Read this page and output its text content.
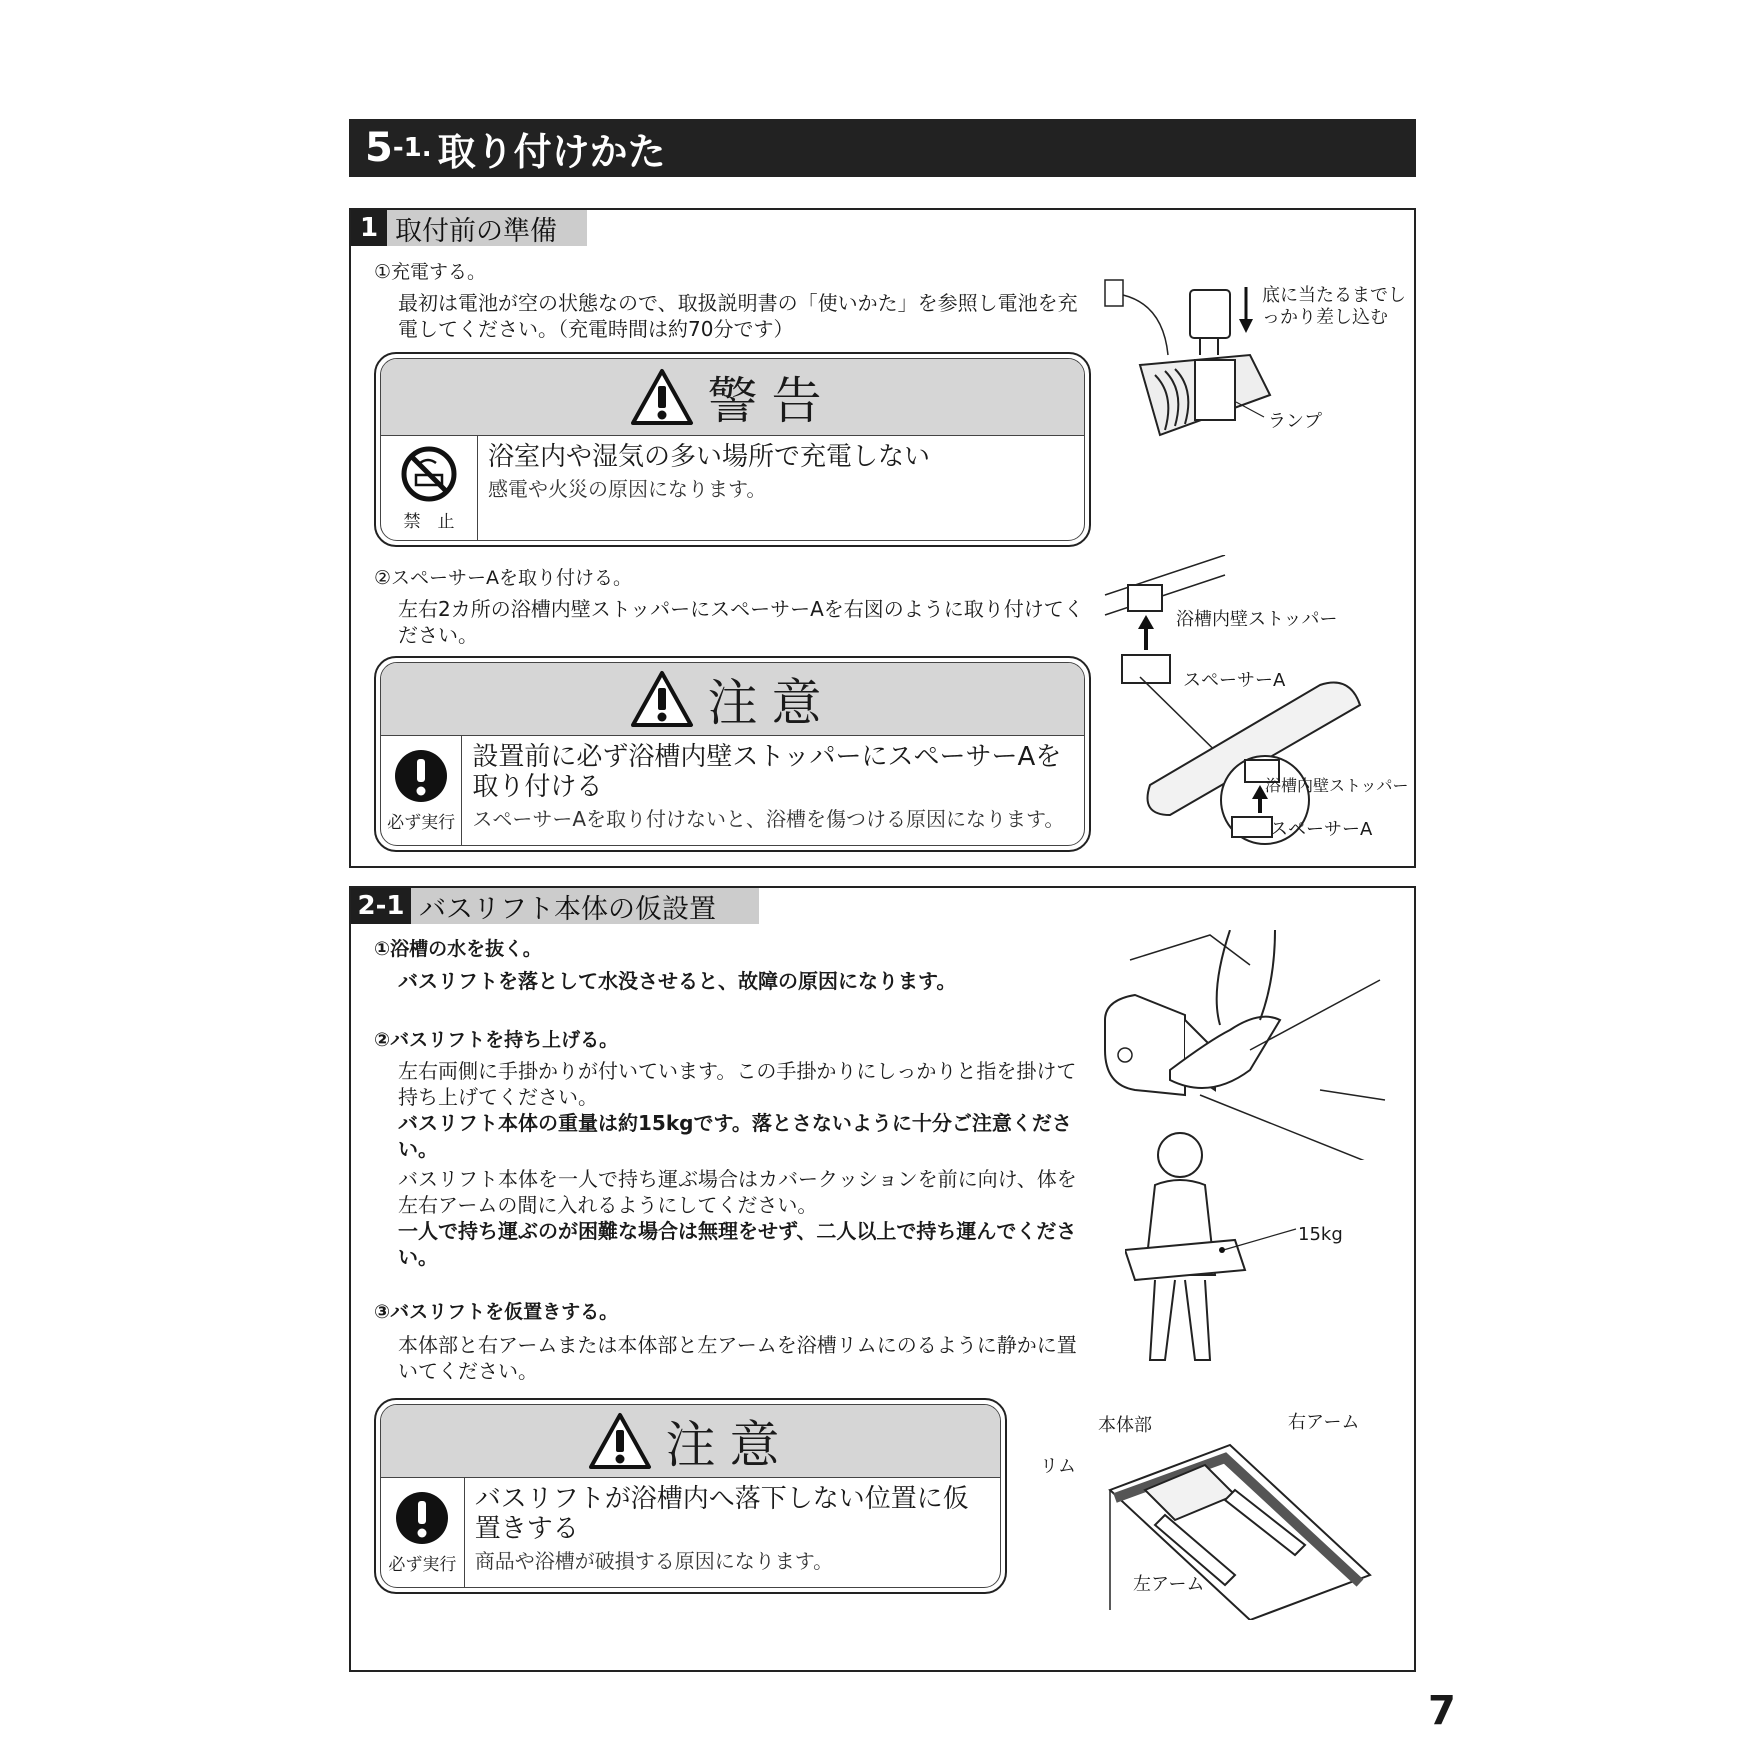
5 -1. 取り付けかた
1 取付前の準備
①充電する。
最初は電池が空の状態なので、取扱説明書の「使いかた」を参照し電池を充電してください。（充電時間は約70分です）
警告
禁　止
浴室内や湿気の多い場所で充電しない
感電や火災の原因になります。
②スペーサーAを取り付ける。
左右2カ所の浴槽内壁ストッパーにスペーサーAを右図のように取り付けてください。
注意
必ず実行
設置前に必ず浴槽内壁ストッパーにスペーサーAを取り付ける
スペーサーAを取り付けないと、浴槽を傷つける原因になります。
底に当たるまでしっかり差し込む
ランプ
浴槽内壁ストッパー
スペーサーA
浴槽内壁ストッパー
スペーサーA
2-1 バスリフト本体の仮設置
①浴槽の水を抜く。
バスリフトを落として水没させると、故障の原因になります。
②バスリフトを持ち上げる。
左右両側に手掛かりが付いています。この手掛かりにしっかりと指を掛けて持ち上げてください。
バスリフト本体の重量は約15kgです。落とさないように十分ご注意ください。
バスリフト本体を一人で持ち運ぶ場合はカバークッションを前に向け、体を左右アームの間に入れるようにしてください。
一人で持ち運ぶのが困難な場合は無理をせず、二人以上で持ち運んでください。
③バスリフトを仮置きする。
本体部と右アームまたは本体部と左アームを浴槽リムにのるように静かに置いてください。
注意
必ず実行
バスリフトが浴槽内へ落下しない位置に仮置きする
商品や浴槽が破損する原因になります。
15kg
本体部	右アーム
リム
左アーム
7
